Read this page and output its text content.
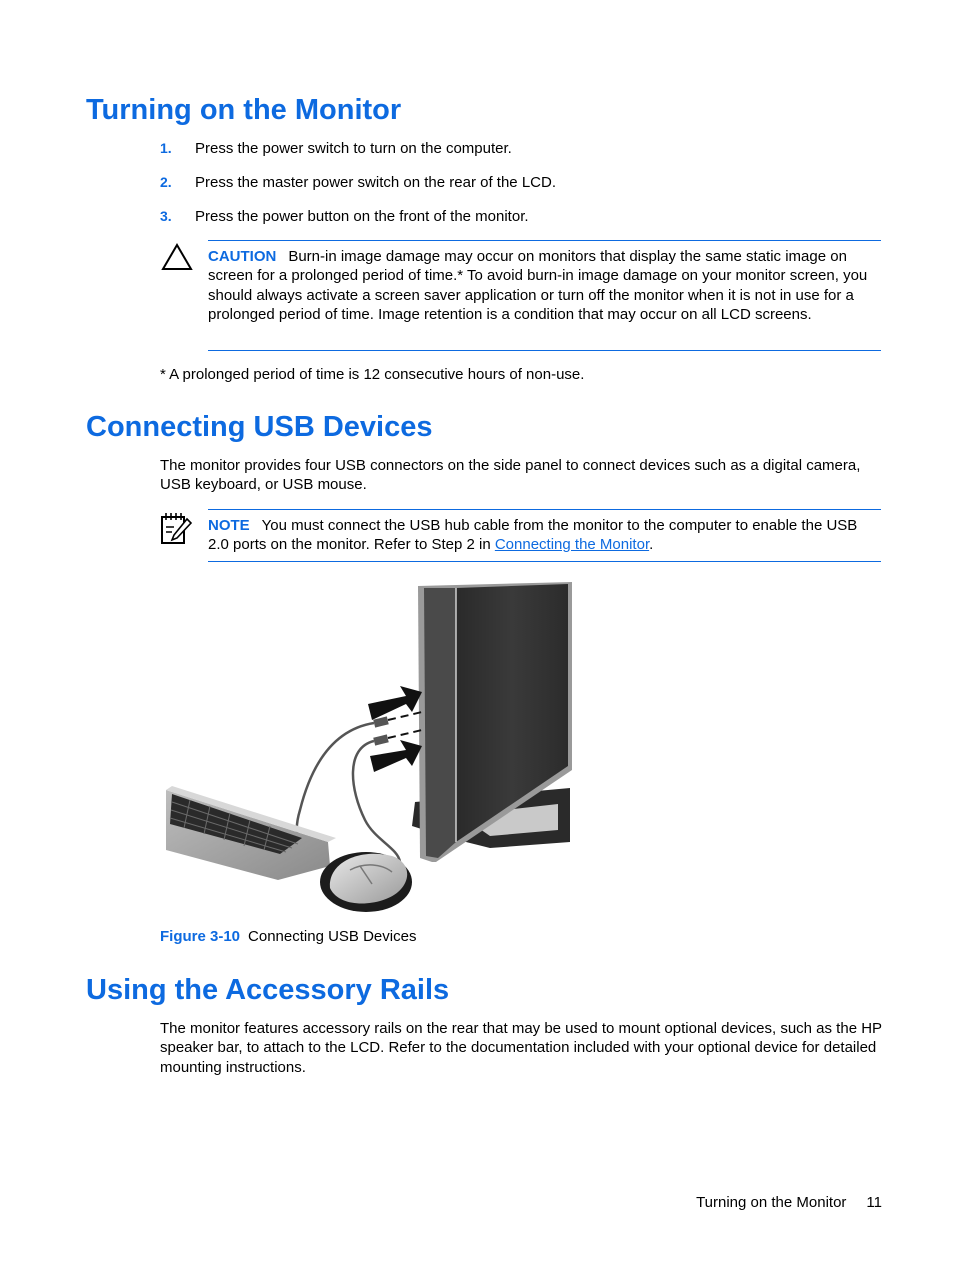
Turning on the Monitor
1. Press the power switch to turn on the computer.
2. Press the master power switch on the rear of the LCD.
3. Press the power button on the front of the monitor.
CAUTION Burn-in image damage may occur on monitors that display the same static image on screen for a prolonged period of time.* To avoid burn-in image damage on your monitor screen, you should always activate a screen saver application or turn off the monitor when it is not in use for a prolonged period of time. Image retention is a condition that may occur on all LCD screens.

* A prolonged period of time is 12 consecutive hours of non-use.

Connecting USB Devices

The monitor provides four USB connectors on the side panel to connect devices such as a digital camera, USB keyboard, or USB mouse.

NOTE You must connect the USB hub cable from the monitor to the computer to enable the USB 2.0 ports on the monitor. Refer to Step 2 in Connecting the Monitor.
Figure 3-10 Connecting USB Devices
Using the Accessory Rails

The monitor features accessory rails on the rear that may be used to mount optional devices, such as the HP speaker bar, to attach to the LCD. Refer to the documentation included with your optional device for detailed mounting instructions.

Turning on the Monitor 11
